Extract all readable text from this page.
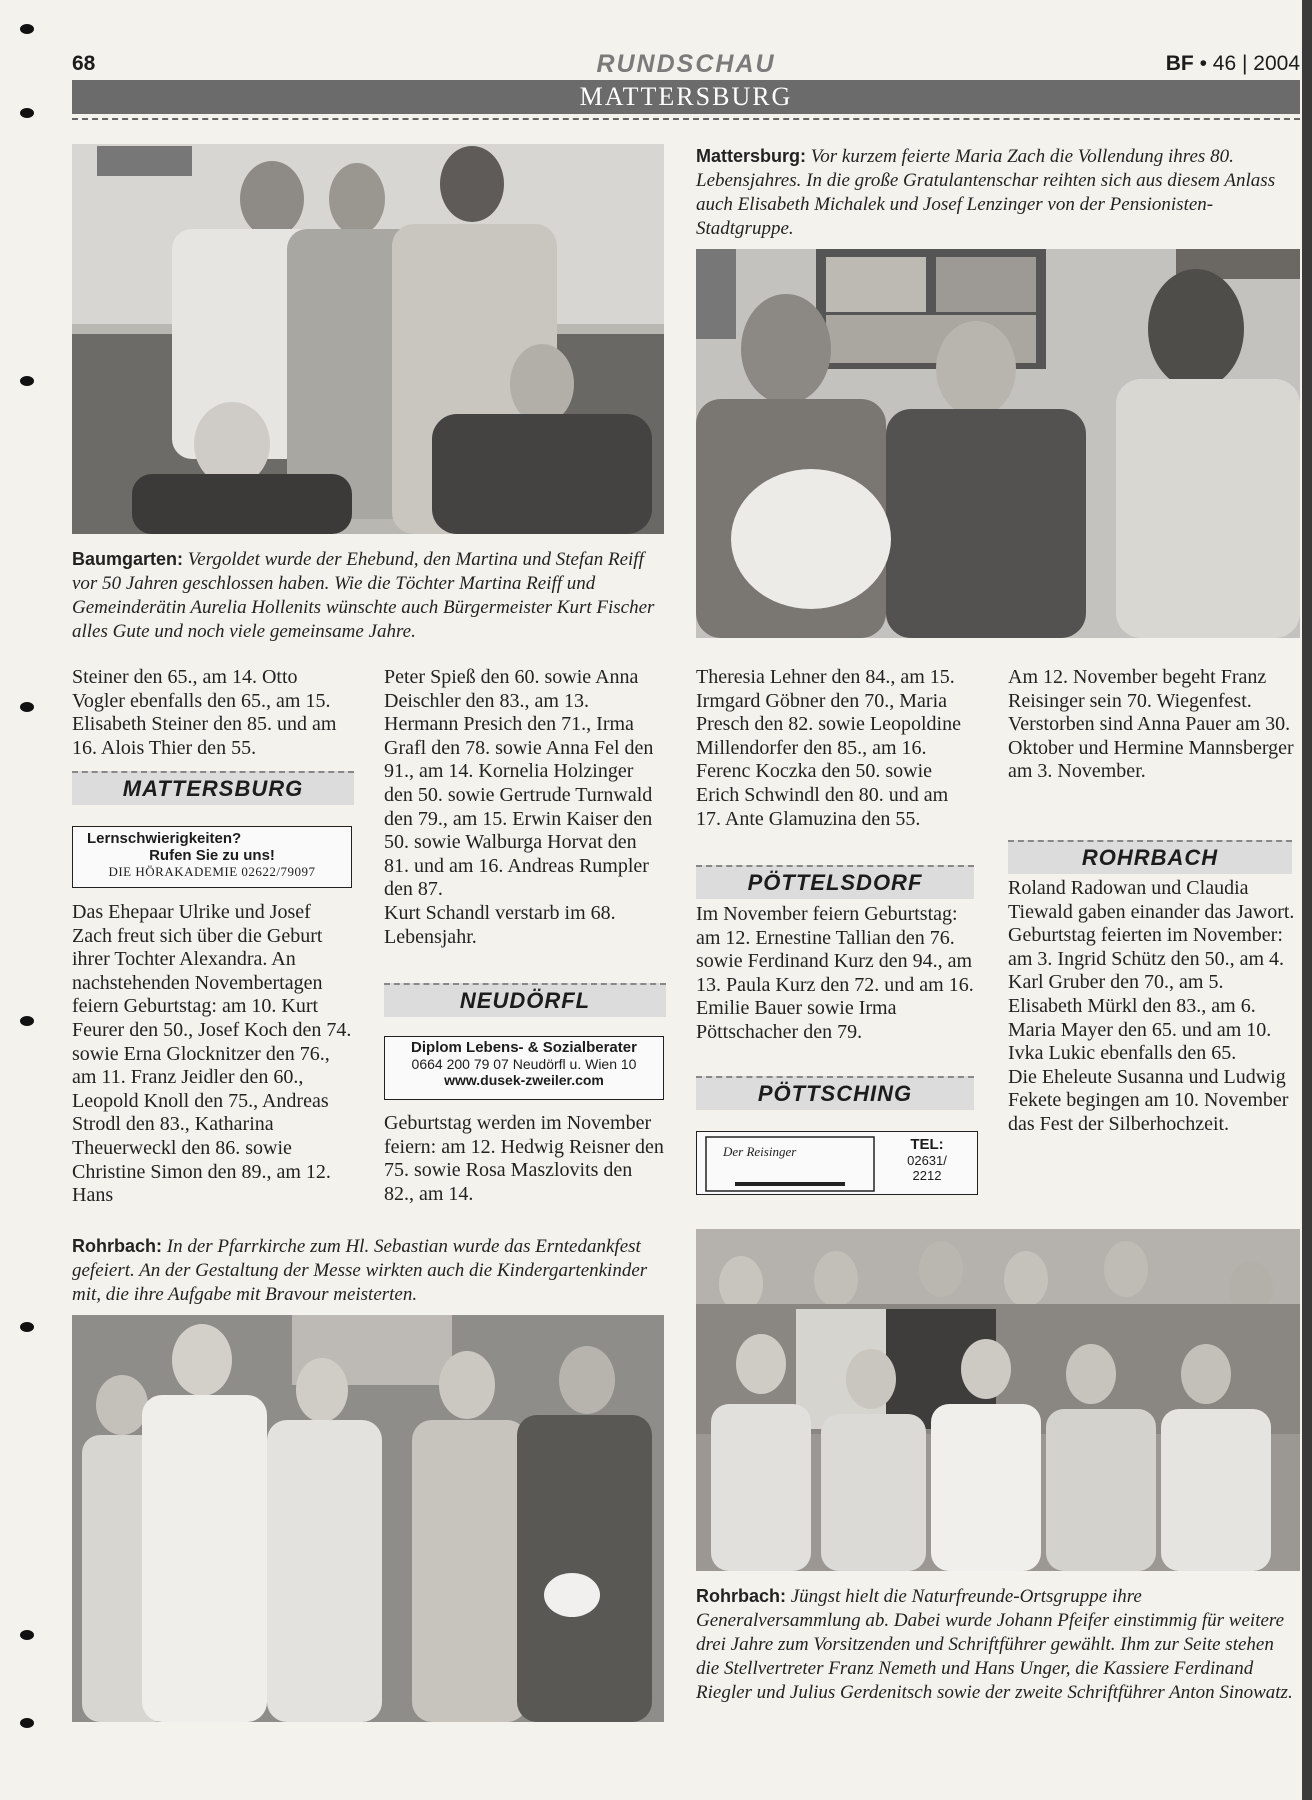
68	RUNDSCHAU	BF • 46 | 2004
MATTERSBURG
Mattersburg: Vor kurzem feierte Maria Zach die Vollendung ihres 80. Lebensjahres. In die große Gratulantenschar reihten sich aus diesem Anlass auch Elisabeth Michalek und Josef Lenzinger von der Pensionisten-Stadtgruppe.
Baumgarten: Vergoldet wurde der Ehebund, den Martina und Stefan Reiff vor 50 Jahren geschlossen haben. Wie die Töchter Martina Reiff und Gemeinderätin Aurelia Hollenits wünschte auch Bürgermeister Kurt Fischer alles Gute und noch viele gemeinsame Jahre.

Steiner den 65., am 14. Otto Vogler ebenfalls den 65., am 15. Elisabeth Steiner den 85. und am 16. Alois Thier den 55.

MATTERSBURG
Lernschwierigkeiten?
Rufen Sie zu uns!
DIE HÖRAKADEMIE 02622/79097

Das Ehepaar Ulrike und Josef Zach freut sich über die Geburt ihrer Tochter Alexandra. An nachstehenden Novembertagen feiern Geburtstag: am 10. Kurt Feurer den 50., Josef Koch den 74. sowie Erna Glocknitzer den 76., am 11. Franz Jeidler den 60., Leopold Knoll den 75., Andreas Strodl den 83., Katharina Theuerweckl den 86. sowie Christine Simon den 89., am 12. Hans

Peter Spieß den 60. sowie Anna Deischler den 83., am 13. Hermann Presich den 71., Irma Grafl den 78. sowie Anna Fel den 91., am 14. Kornelia Holzinger den 50. sowie Gertrude Turnwald den 79., am 15. Erwin Kaiser den 50. sowie Walburga Horvat den 81. und am 16. Andreas Rumpler den 87.

Kurt Schandl verstarb im 68. Lebensjahr.

NEUDÖRFL
Diplom Lebens- & Sozialberater
0664 200 79 07 Neudörfl u. Wien 10
www.dusek-zweiler.com

Geburtstag werden im November feiern: am 12. Hedwig Reisner den 75. sowie Rosa Maszlovits den 82., am 14.

Theresia Lehner den 84., am 15. Irmgard Göbner den 70., Maria Presch den 82. sowie Leopoldine Millendorfer den 85., am 16. Ferenc Koczka den 50. sowie Erich Schwindl den 80. und am 17. Ante Glamuzina den 55.

PÖTTELSDORF

Im November feiern Geburtstag: am 12. Ernestine Tallian den 76. sowie Ferdinand Kurz den 94., am 13. Paula Kurz den 72. und am 16. Emilie Bauer sowie Irma Pöttschacher den 79.

PÖTTSCHING
Der Reisinger	TEL:
02631/
2212

Am 12. November begeht Franz Reisinger sein 70. Wiegenfest.

Verstorben sind Anna Pauer am 30. Oktober und Hermine Mannsberger am 3. November.

ROHRBACH

Roland Radowan und Claudia Tiewald gaben einander das Jawort.

Geburtstag feierten im November: am 3. Ingrid Schütz den 50., am 4. Karl Gruber den 70., am 5. Elisabeth Mürkl den 83., am 6. Maria Mayer den 65. und am 10. Ivka Lukic ebenfalls den 65.

Die Eheleute Susanna und Ludwig Fekete begingen am 10. November das Fest der Silberhochzeit.

Rohrbach: In der Pfarrkirche zum Hl. Sebastian wurde das Erntedankfest gefeiert. An der Gestaltung der Messe wirkten auch die Kindergartenkinder mit, die ihre Aufgabe mit Bravour meisterten.
Rohrbach: Jüngst hielt die Naturfreunde-Ortsgruppe ihre Generalversammlung ab. Dabei wurde Johann Pfeifer einstimmig für weitere drei Jahre zum Vorsitzenden und Schriftführer gewählt. Ihm zur Seite stehen die Stellvertreter Franz Nemeth und Hans Unger, die Kassiere Ferdinand Riegler und Julius Gerdenitsch sowie der zweite Schriftführer Anton Sinowatz.
